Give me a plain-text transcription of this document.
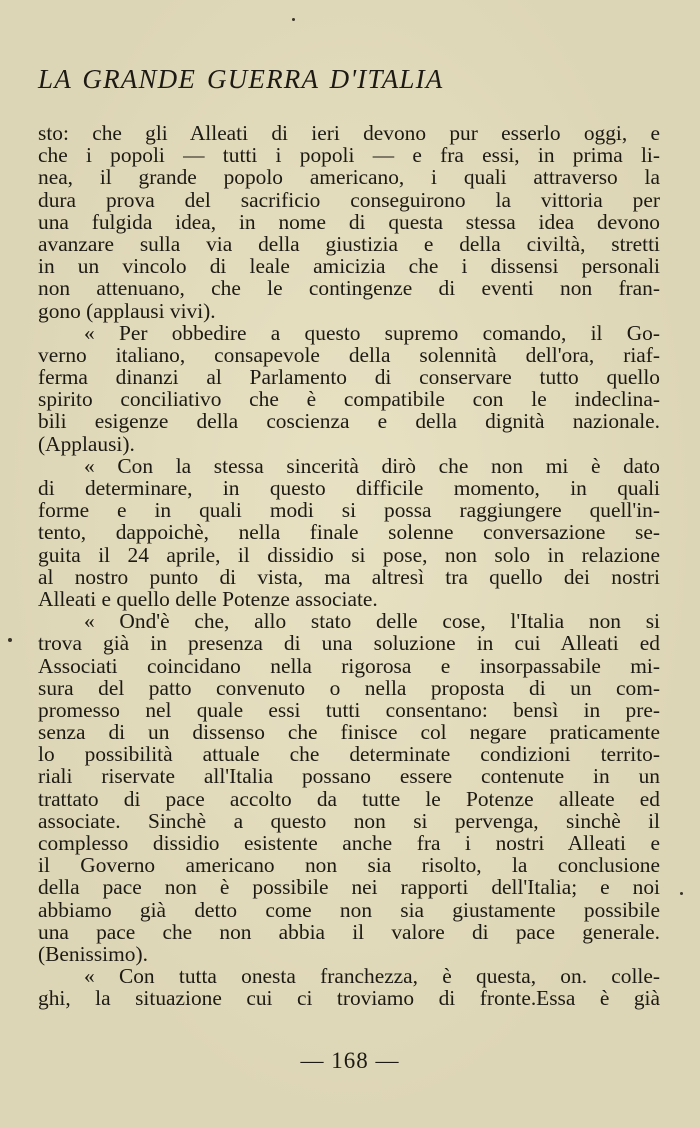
LA GRANDE GUERRA D'ITALIA
sto: che gli Alleati di ieri devono pur esserlo oggi, e
che i popoli — tutti i popoli — e fra essi, in prima li-
nea, il grande popolo americano, i quali attraverso la
dura prova del sacrificio conseguirono la vittoria per
una fulgida idea, in nome di questa stessa idea devono
avanzare sulla via della giustizia e della civiltà, stretti
in un vincolo di leale amicizia che i dissensi personali
non attenuano, che le contingenze di eventi non fran-
gono (applausi vivi).
« Per obbedire a questo supremo comando, il Go-
verno italiano, consapevole della solennità dell'ora, riaf-
ferma dinanzi al Parlamento di conservare tutto quello
spirito conciliativo che è compatibile con le indeclina-
bili esigenze della coscienza e della dignità nazionale.
(Applausi).
« Con la stessa sincerità dirò che non mi è dato
di determinare, in questo difficile momento, in quali
forme e in quali modi si possa raggiungere quell'in-
tento, dappoichè, nella finale solenne conversazione se-
guita il 24 aprile, il dissidio si pose, non solo in relazione
al nostro punto di vista, ma altresì tra quello dei nostri
Alleati e quello delle Potenze associate.
« Ond'è che, allo stato delle cose, l'Italia non si
trova già in presenza di una soluzione in cui Alleati ed
Associati coincidano nella rigorosa e insorpassabile mi-
sura del patto convenuto o nella proposta di un com-
promesso nel quale essi tutti consentano: bensì in pre-
senza di un dissenso che finisce col negare praticamente
lo possibilità attuale che determinate condizioni territo-
riali riservate all'Italia possano essere contenute in un
trattato di pace accolto da tutte le Potenze alleate ed
associate. Sinchè a questo non si pervenga, sinchè il
complesso dissidio esistente anche fra i nostri Alleati e
il Governo americano non sia risolto, la conclusione
della pace non è possibile nei rapporti dell'Italia; e noi
abbiamo già detto come non sia giustamente possibile
una pace che non abbia il valore di pace generale.
(Benissimo).
« Con tutta onesta franchezza, è questa, on. colle-
ghi, la situazione cui ci troviamo di fronte.Essa è già
— 168 —
